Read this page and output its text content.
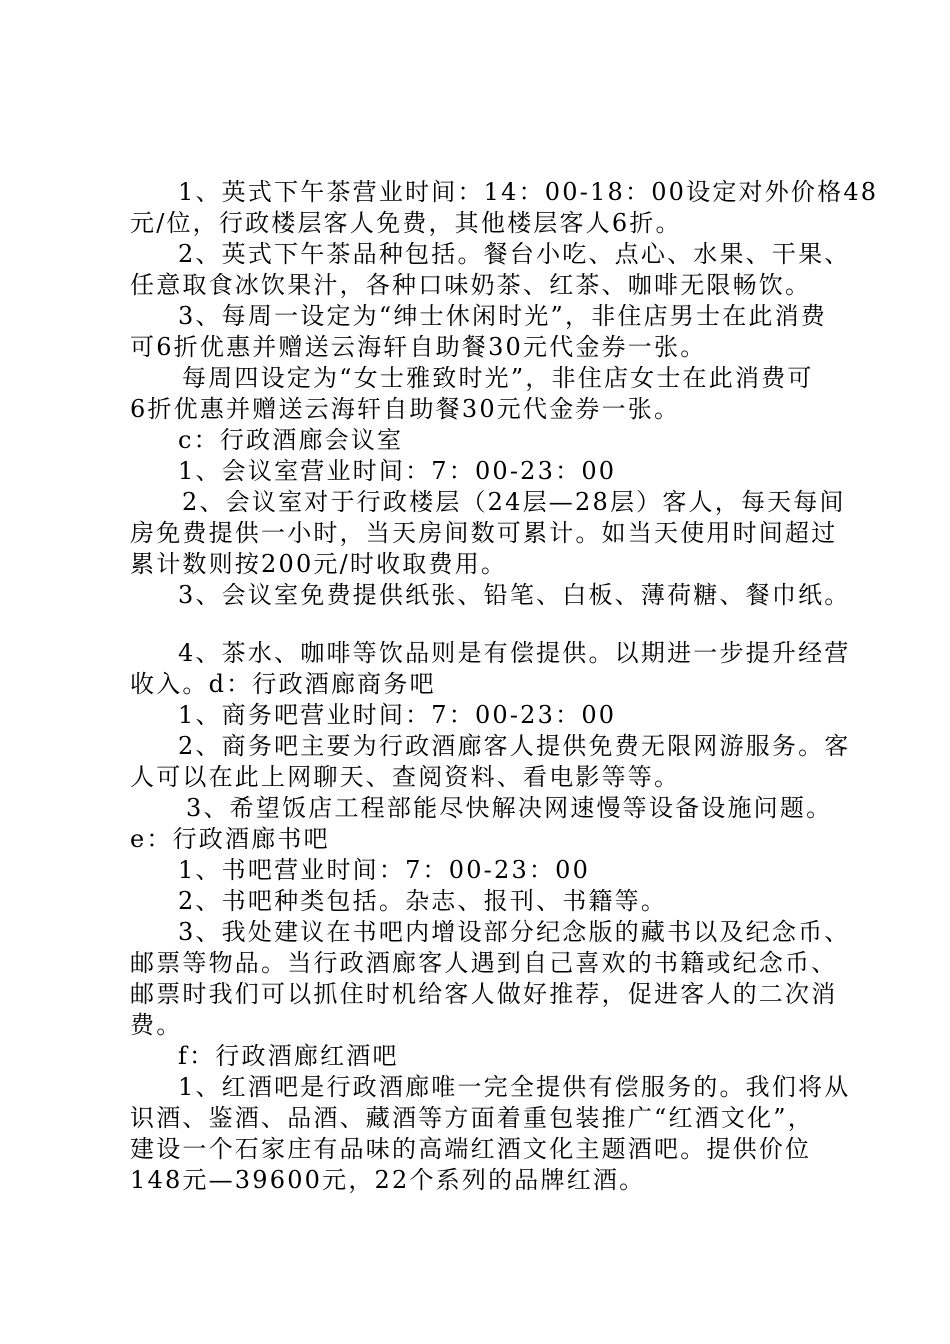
1、英式下午茶营业时间：14：00-18：00设定对外价格48
元/位，行政楼层客人免费，其他楼层客人6折。
2、英式下午茶品种包括。餐台小吃、点心、水果、干果、
任意取食冰饮果汁，各种口味奶茶、红茶、咖啡无限畅饮。
3、每周一设定为“绅士休闲时光”，非住店男士在此消费
可6折优惠并赠送云海轩自助餐30元代金券一张。
每周四设定为“女士雅致时光”，非住店女士在此消费可
6折优惠并赠送云海轩自助餐30元代金券一张。
c：行政酒廊会议室
1、会议室营业时间：7：00-23：00
2、会议室对于行政楼层（24层—28层）客人，每天每间
房免费提供一小时，当天房间数可累计。如当天使用时间超过
累计数则按200元/时收取费用。
3、会议室免费提供纸张、铅笔、白板、薄荷糖、餐巾纸。
4、茶水、咖啡等饮品则是有偿提供。以期进一步提升经营
收入。d：行政酒廊商务吧
1、商务吧营业时间：7：00-23：00
2、商务吧主要为行政酒廊客人提供免费无限网游服务。客
人可以在此上网聊天、查阅资料、看电影等等。
3、希望饭店工程部能尽快解决网速慢等设备设施问题。
e：行政酒廊书吧
1、书吧营业时间：7：00-23：00
2、书吧种类包括。杂志、报刊、书籍等。
3、我处建议在书吧内增设部分纪念版的藏书以及纪念币、
邮票等物品。当行政酒廊客人遇到自己喜欢的书籍或纪念币、
邮票时我们可以抓住时机给客人做好推荐，促进客人的二次消
费。
f：行政酒廊红酒吧
1、红酒吧是行政酒廊唯一完全提供有偿服务的。我们将从
识酒、鉴酒、品酒、藏酒等方面着重包装推广“红酒文化”，
建设一个石家庄有品味的高端红酒文化主题酒吧。提供价位
148元—39600元，22个系列的品牌红酒。
